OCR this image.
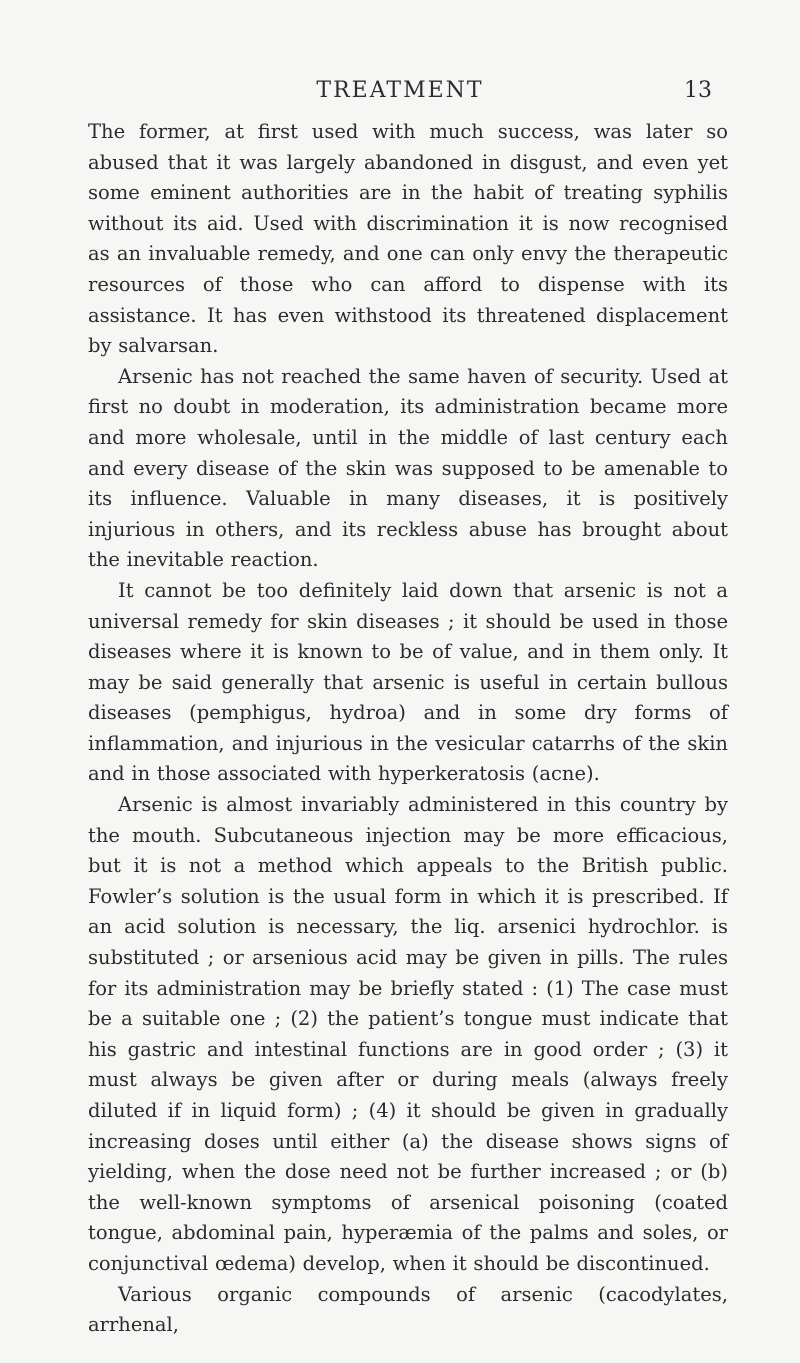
TREATMENT	13

The former, at first used with much success, was later so abused that it was largely abandoned in disgust, and even yet some eminent authorities are in the habit of treating syphilis without its aid. Used with discrimination it is now recognised as an invaluable remedy, and one can only envy the therapeutic resources of those who can afford to dispense with its assistance. It has even withstood its threatened displacement by salvarsan.

Arsenic has not reached the same haven of security. Used at first no doubt in moderation, its administration became more and more wholesale, until in the middle of last century each and every disease of the skin was supposed to be amenable to its influence. Valuable in many diseases, it is positively injurious in others, and its reckless abuse has brought about the inevitable reaction.

It cannot be too definitely laid down that arsenic is not a universal remedy for skin diseases ; it should be used in those diseases where it is known to be of value, and in them only. It may be said generally that arsenic is useful in certain bullous diseases (pemphigus, hydroa) and in some dry forms of inflammation, and injurious in the vesicular catarrhs of the skin and in those associated with hyperkeratosis (acne).

Arsenic is almost invariably administered in this country by the mouth. Subcutaneous injection may be more efficacious, but it is not a method which appeals to the British public. Fowler’s solution is the usual form in which it is prescribed. If an acid solution is necessary, the liq. arsenici hydrochlor. is substituted ; or arsenious acid may be given in pills. The rules for its administration may be briefly stated : (1) The case must be a suitable one ; (2) the patient’s tongue must indicate that his gastric and intestinal functions are in good order ; (3) it must always be given after or during meals (always freely diluted if in liquid form) ; (4) it should be given in gradually increasing doses until either (a) the disease shows signs of yielding, when the dose need not be further increased ; or (b) the well-known symptoms of arsenical poisoning (coated tongue, abdominal pain, hyperæmia of the palms and soles, or conjunctival œdema) develop, when it should be discontinued.

Various organic compounds of arsenic (cacodylates, arrhenal,
